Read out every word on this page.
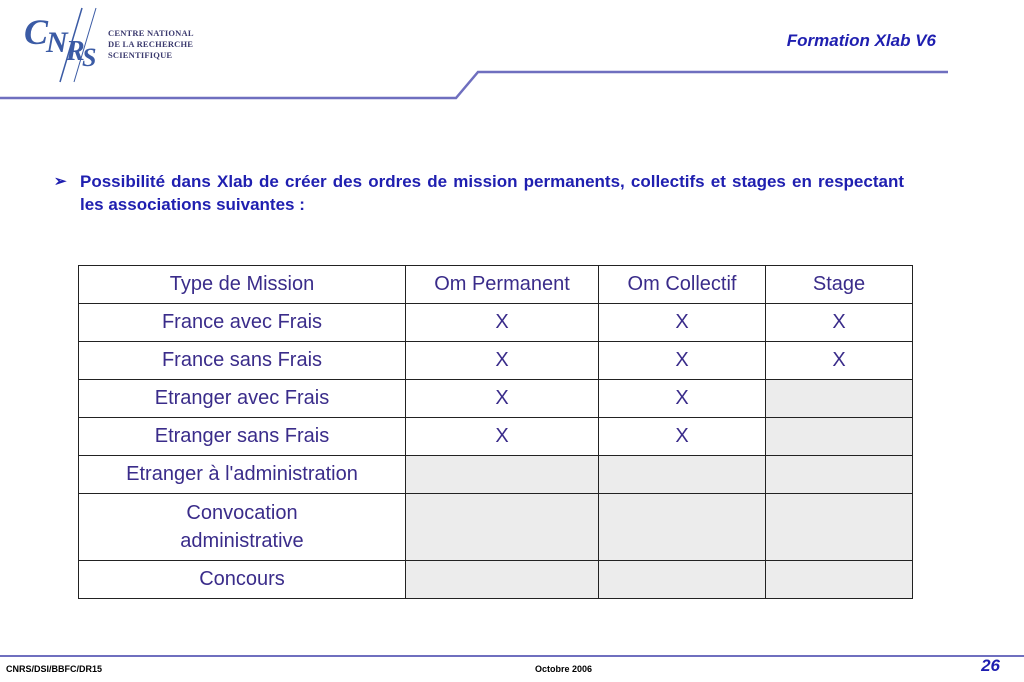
C
N
R
S
CENTRE NATIONAL
DE LA RECHERCHE
SCIENTIFIQUE
Formation Xlab V6
➢ Possibilité dans Xlab de créer des ordres de mission permanents, collectifs et stages en respectant les associations suivantes :
Type de Mission	Om Permanent	Om Collectif	Stage
France avec Frais	X	X	X
France sans Frais	X	X	X
Etranger avec Frais	X	X	
Etranger sans Frais	X	X	
Etranger à l'administration			
Convocation administrative			
Concours			
CNRS/DSI/BBFC/DR15	Octobre 2006	26
